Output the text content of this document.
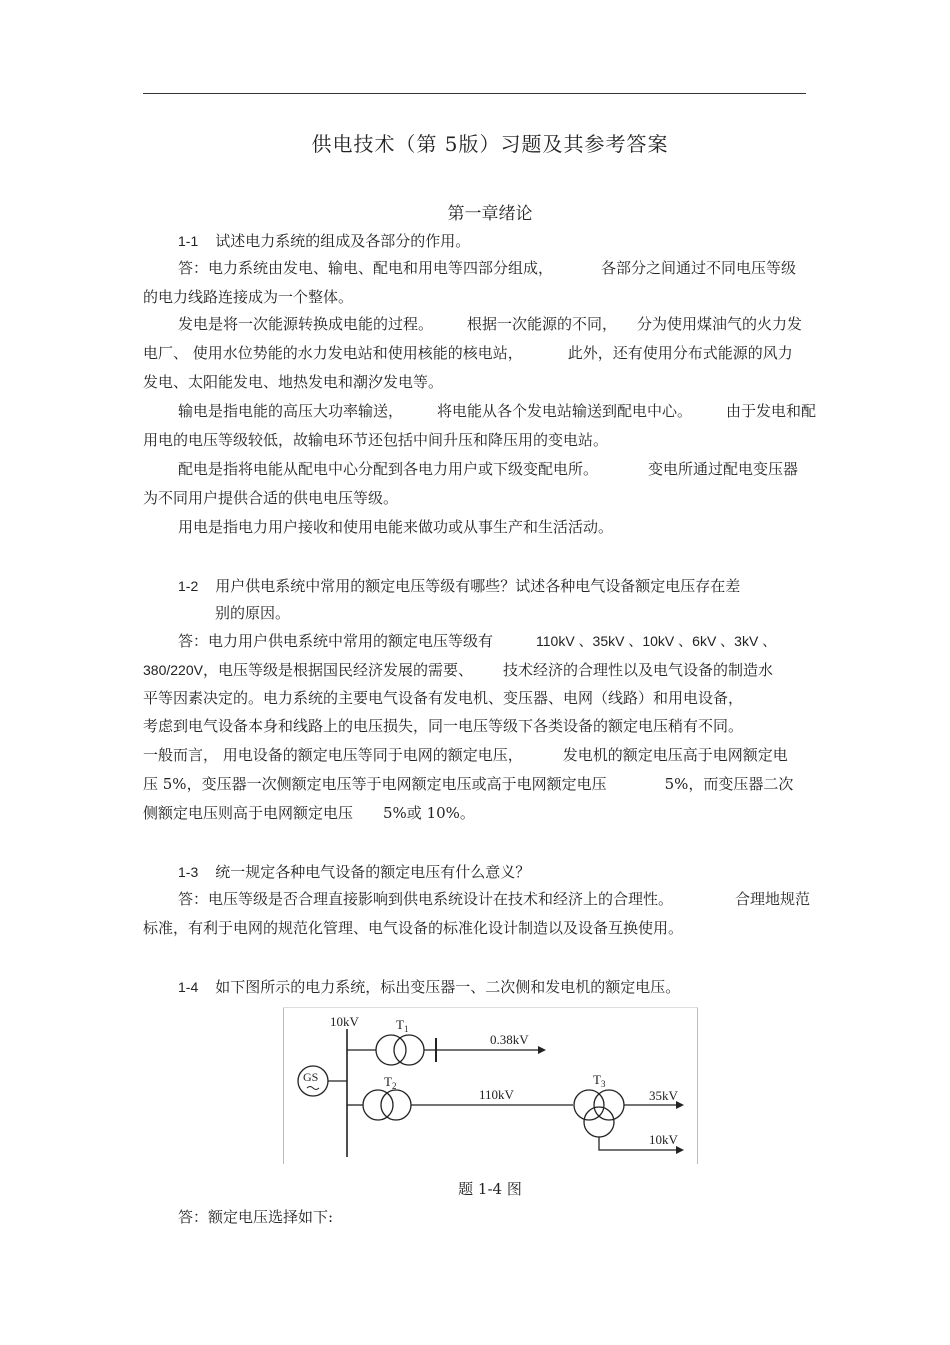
供电技术（第 5版）习题及其参考答案
第一章绪论
1-1 试述电力系统的组成及各部分的作用。
答：电力系统由发电、输电、配电和用电等四部分组成，	各部分之间通过不同电压等级
的电力线路连接成为一个整体。
发电是将一次能源转换成电能的过程。 根据一次能源的不同， 分为使用煤油气的火力发
电厂、 使用水位势能的水力发电站和使用核能的核电站，	此外，还有使用分布式能源的风力
发电、太阳能发电、地热发电和潮汐发电等。
输电是指电能的高压大功率输送， 将电能从各个发电站输送到配电中心。 由于发电和配
用电的电压等级较低，故输电环节还包括中间升压和降压用的变电站。
配电是指将电能从配电中心分配到各电力用户或下级变配电所。	变电所通过配电变压器
为不同用户提供合适的供电电压等级。
用电是指电力用户接收和使用电能来做功或从事生产和生活活动。
1-2 用户供电系统中常用的额定电压等级有哪些？试述各种电气设备额定电压存在差
别的原因。
答：电力用户供电系统中常用的额定电压等级有	110kV 、35kV 、10kV 、6kV 、3kV 、
380/220V，电压等级是根据国民经济发展的需要、 技术经济的合理性以及电气设备的制造水
平等因素决定的。电力系统的主要电气设备有发电机、变压器、电网（线路）和用电设备，
考虑到电气设备本身和线路上的电压损失，同一电压等级下各类设备的额定电压稍有不同。
一般而言， 用电设备的额定电压等同于电网的额定电压，	发电机的额定电压高于电网额定电
压 5%，变压器一次侧额定电压等于电网额定电压或高于电网额定电压	5%，而变压器二次
侧额定电压则高于电网额定电压 5%或 10%。
1-3 统一规定各种电气设备的额定电压有什么意义？
答：电压等级是否合理直接影响到供电系统设计在技术和经济上的合理性。	合理地规范
标准，有利于电网的规范化管理、电气设备的标准化设计制造以及设备互换使用。
1-4 如下图所示的电力系统，标出变压器一、二次侧和发电机的额定电压。
10kV
GS
$T_1$
0.38kV
$T_2$
110kV
$T_3$
35kV
10kV
题 1-4 图
答：额定电压选择如下:
